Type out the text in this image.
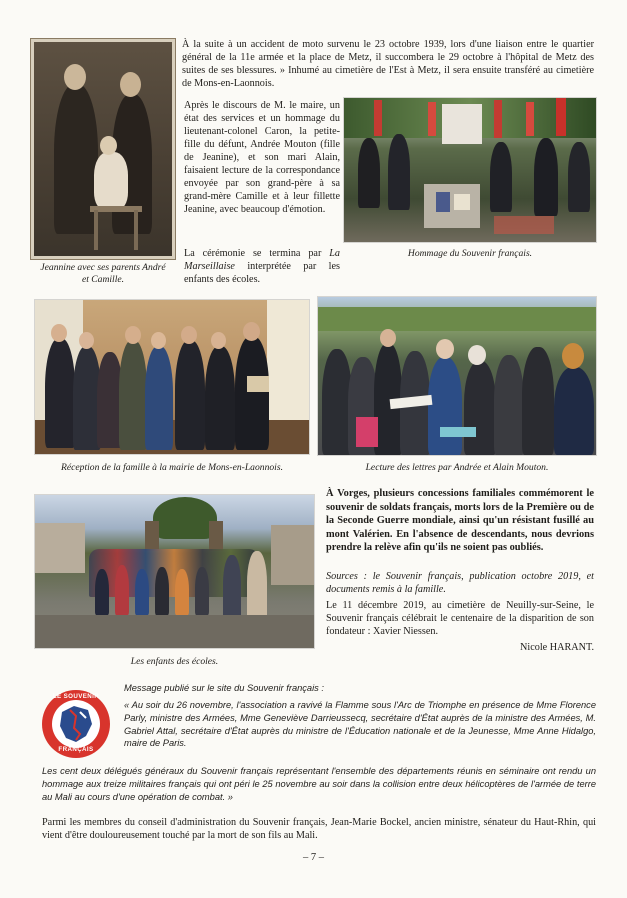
Jeannine avec ses parents André et Camille.
À la suite à un accident de moto survenu le 23 octobre 1939, lors d'une liaison entre le quartier général de la 11e armée et la place de Metz, il succombera le 29 octobre à l'hôpital de Metz des suites de ses blessures. » Inhumé au cimetière de l'Est à Metz, il sera ensuite transféré au cimetière de Mons-en-Laonnois.
Après le discours de M. le maire, un état des services et un hommage du lieutenant-colonel Caron, la petite-fille du défunt, Andrée Mouton (fille de Jeanine), et son mari Alain, faisaient lecture de la correspondance envoyée par son grand-père à sa grand-mère Camille et à leur fillette Jeanine, avec beaucoup d'émotion.
La cérémonie se termina par La Marseillaise interprétée par les enfants des écoles.
Hommage du Souvenir français.
Réception de la famille à la mairie de Mons-en-Laonnois.	Lecture des lettres par Andrée et Alain Mouton.
Les enfants des écoles.
À Vorges, plusieurs concessions familiales commémorent le souvenir de soldats français, morts lors de la Première ou de la Seconde Guerre mondiale, ainsi qu'un résistant fusillé au mont Valérien. En l'absence de descendants, nous devrions prendre la relève afin qu'ils ne soient pas oubliés.
Sources : le Souvenir français, publication octobre 2019, et documents remis à la famille.
Le 11 décembre 2019, au cimetière de Neuilly-sur-Seine, le Souvenir français célébrait le centenaire de la disparition de son fondateur : Xavier Niessen.
Nicole HARANT.
LE SOUVENIR
FRANÇAIS
Message publié sur le site du Souvenir français :
« Au soir du 26 novembre, l'association a ravivé la Flamme sous l'Arc de Triomphe en présence de Mme Florence Parly, ministre des Armées, Mme Geneviève Darrieussecq, secrétaire d'État auprès de la ministre des Armées, M. Gabriel Attal, secrétaire d'État auprès du ministre de l'Éducation nationale et de la Jeunesse, Mme Anne Hidalgo, maire de Paris.
Les cent deux délégués généraux du Souvenir français représentant l'ensemble des départements réunis en séminaire ont rendu un hommage aux treize militaires français qui ont péri le 25 novembre au soir dans la collision entre deux hélicoptères de l'armée de terre au Mali au cours d'une opération de combat. »
Parmi les membres du conseil d'administration du Souvenir français, Jean-Marie Bockel, ancien ministre, sénateur du Haut-Rhin, qui vient d'être douloureusement touché par la mort de son fils au Mali.
– 7 –
